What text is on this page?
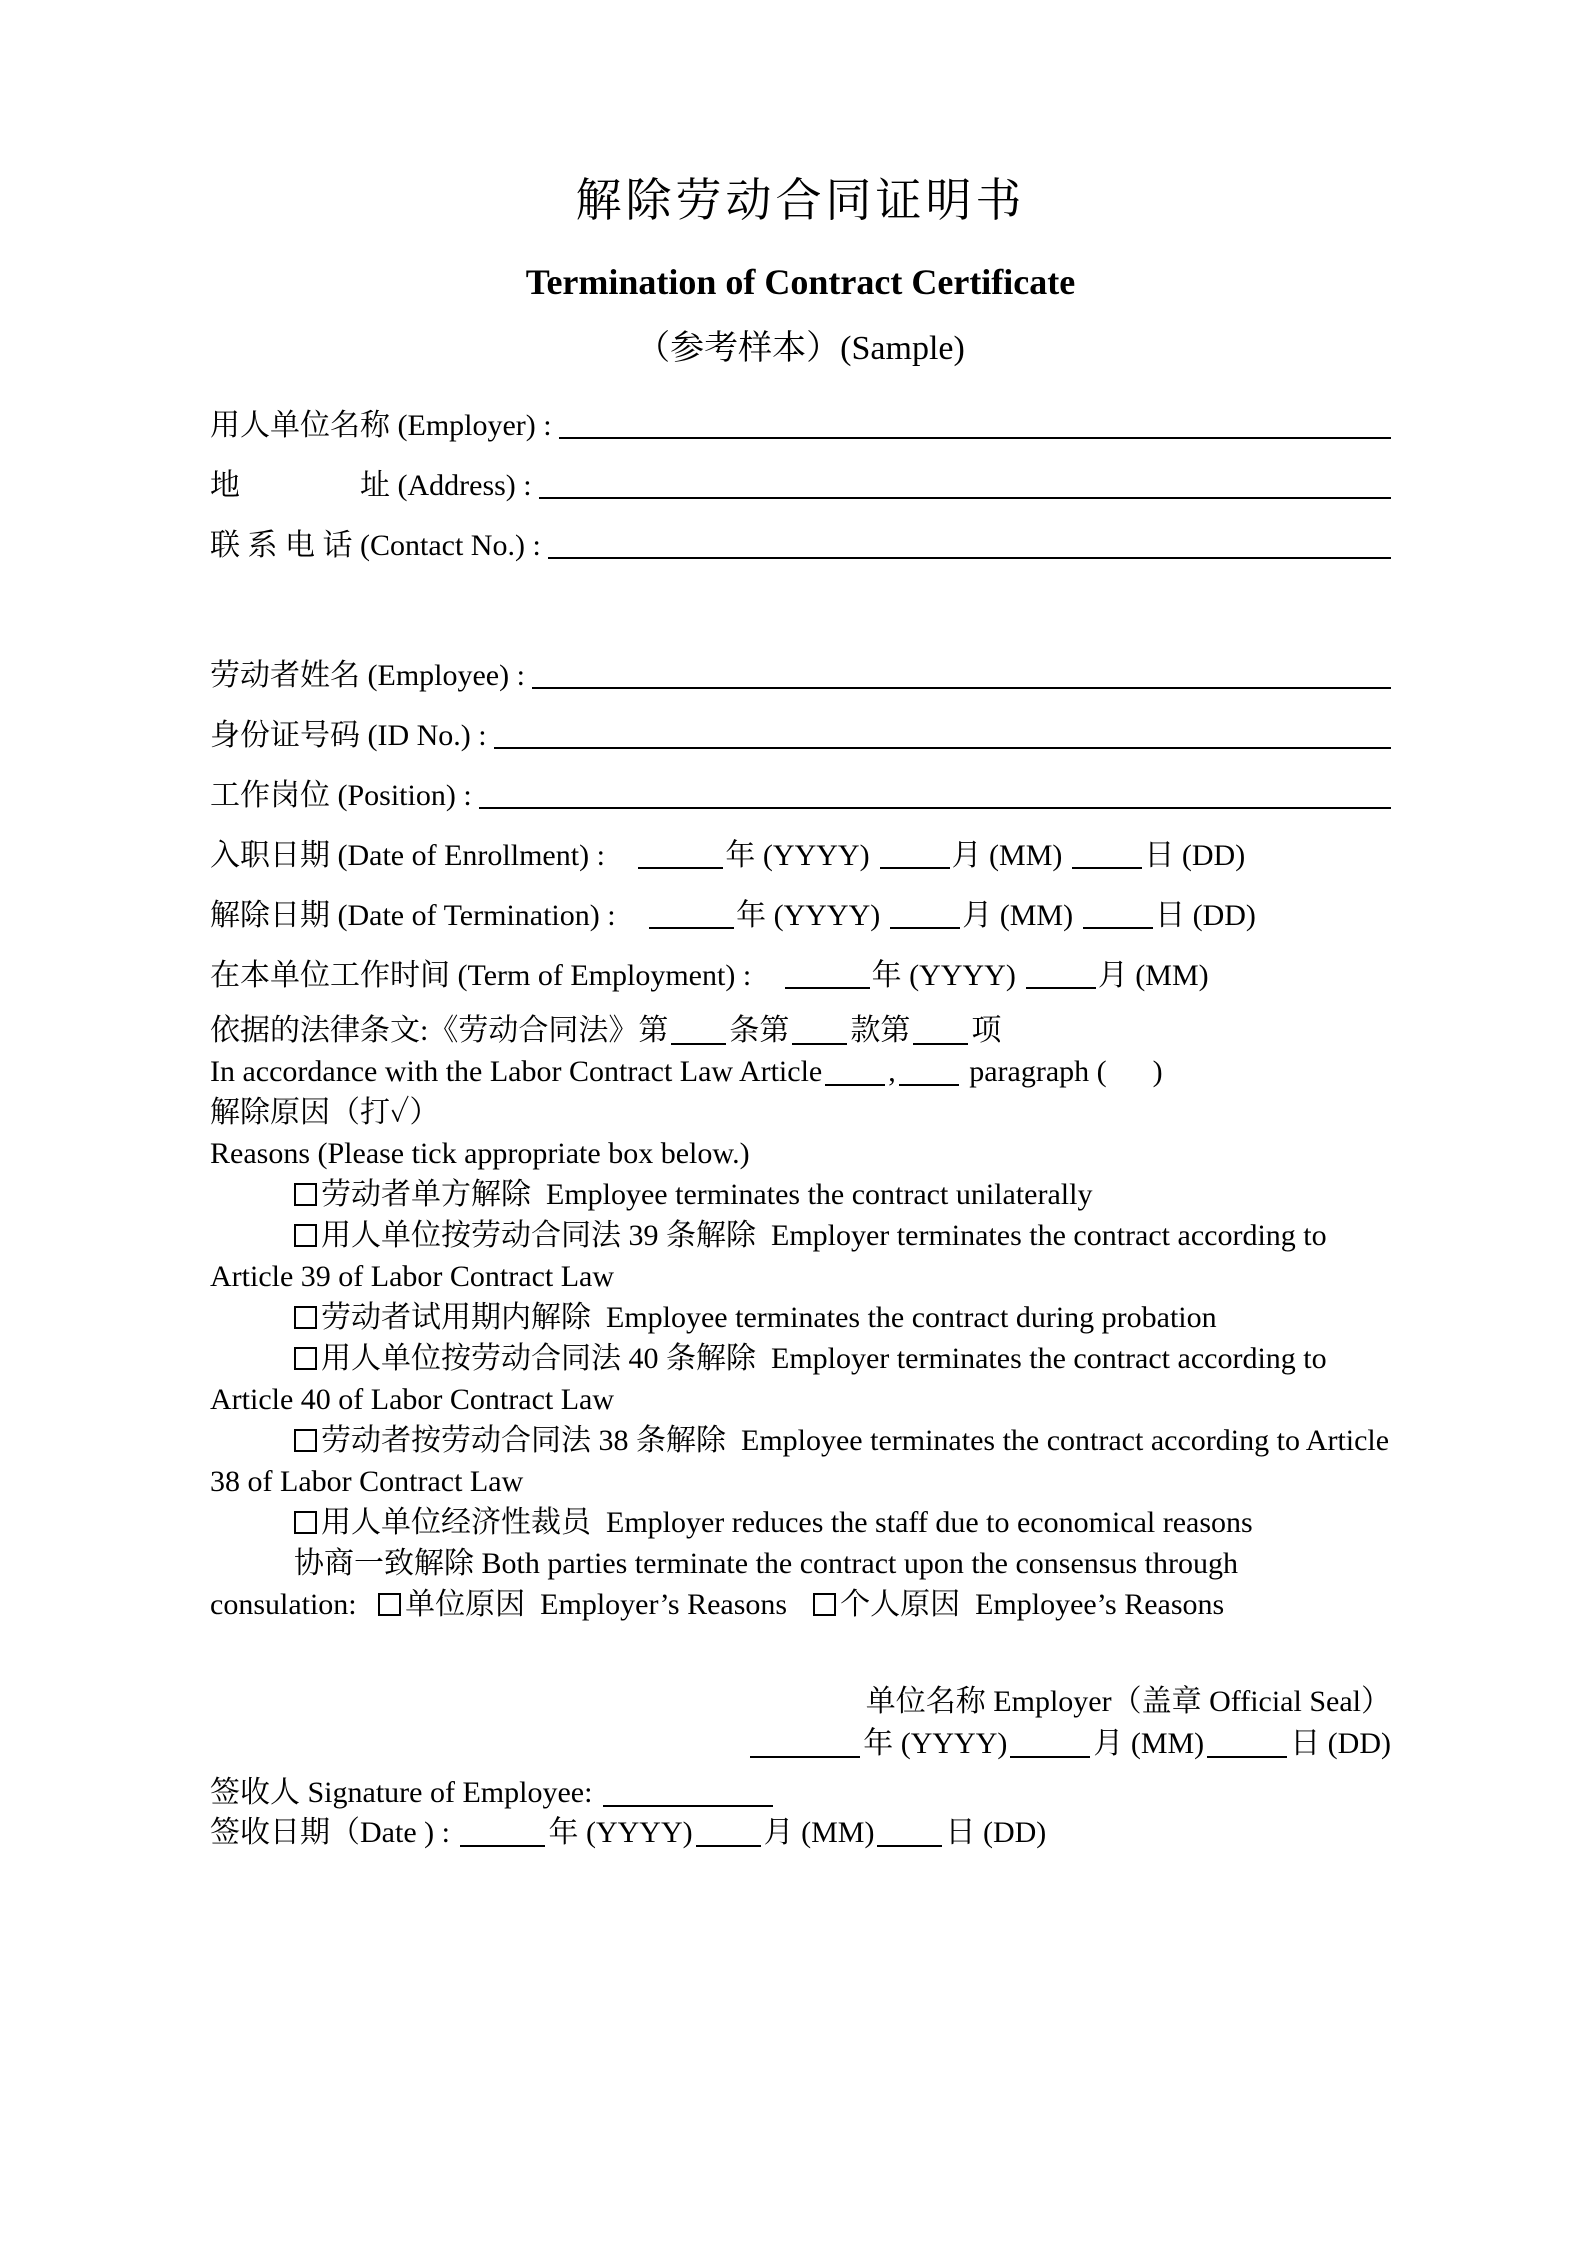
解除劳动合同证明书
Termination of Contract Certificate
（参考样本）(Sample)
用人单位名称 (Employer) :
地　　　　址 (Address) :
联 系 电 话 (Contact No.) :
劳动者姓名 (Employee) :
身份证号码 (ID No.) :
工作岗位 (Position) :
入职日期 (Date of Enrollment) :	年 (YYYY)	月 (MM)	日 (DD)
解除日期 (Date of Termination) :	年 (YYYY)	月 (MM)	日 (DD)
在本单位工作时间 (Term of Employment) :	年 (YYYY)	月 (MM)

依据的法律条文:《劳动合同法》第 条第 款第 项

In accordance with the Labor Contract Law Article , paragraph ( )

解除原因（打✓）

Reasons (Please tick appropriate box below.)

劳动者单方解除  Employee terminates the contract unilaterally

用人单位按劳动合同法 39 条解除  Employer terminates the contract according to Article 39 of Labor Contract Law

劳动者试用期内解除  Employee terminates the contract during probation

用人单位按劳动合同法 40 条解除  Employer terminates the contract according to Article 40 of Labor Contract Law

劳动者按劳动合同法 38 条解除  Employee terminates the contract according to Article 38 of Labor Contract Law

用人单位经济性裁员  Employer reduces the staff due to economical reasons

协商一致解除 Both parties terminate the contract upon the consensus through consulation: 单位原因  Employer’s Reasons 个人原因  Employee’s Reasons

单位名称 Employer（盖章 Official Seal）

年 (YYYY)	月 (MM)	日 (DD)

签收人 Signature of Employee:

签收日期（Date ) :	年 (YYYY) 月 (MM) 日 (DD)
